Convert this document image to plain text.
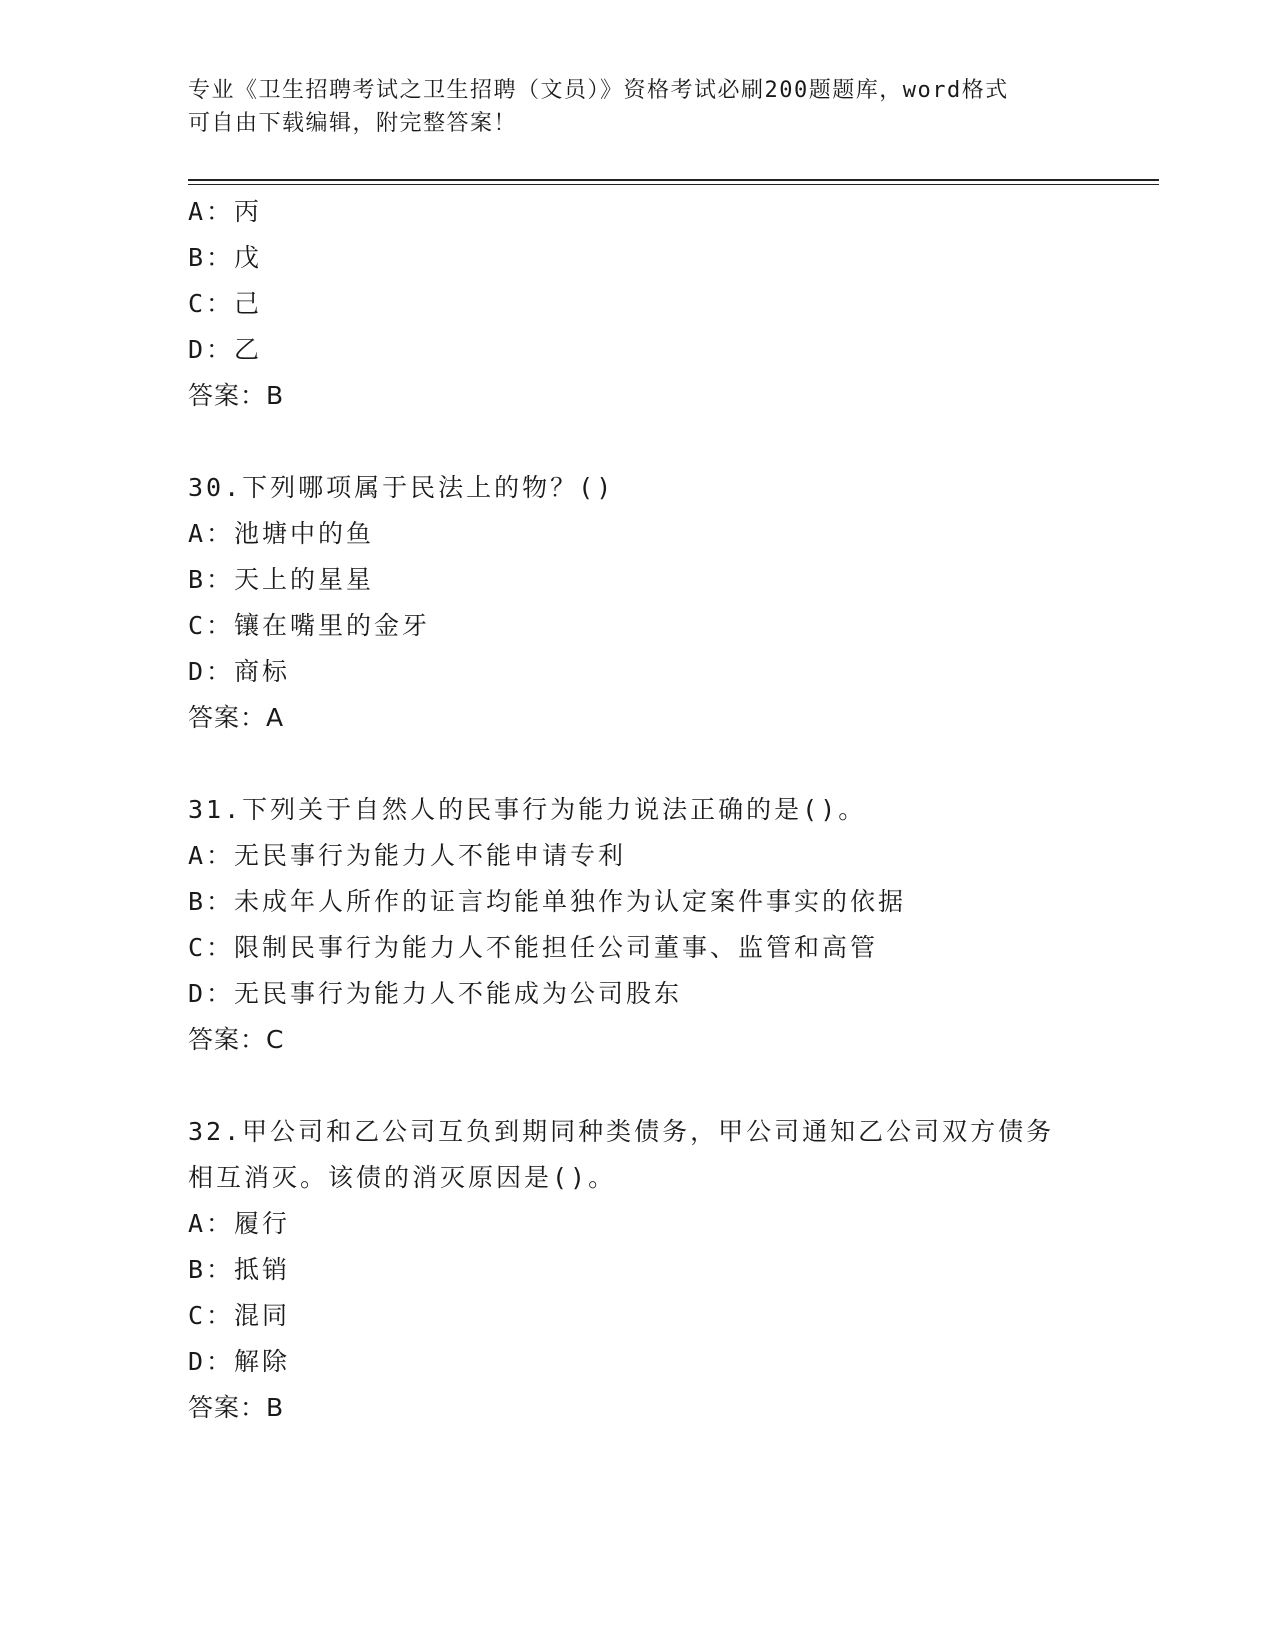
专业《卫生招聘考试之卫生招聘（文员）》资格考试必刷200题题库，word格式
可自由下载编辑，附完整答案！
A：丙
B：戊
C：己
D：乙
答案：B
30.下列哪项属于民法上的物？()
A：池塘中的鱼
B：天上的星星
C：镶在嘴里的金牙
D：商标
答案：A
31.下列关于自然人的民事行为能力说法正确的是()。
A：无民事行为能力人不能申请专利
B：未成年人所作的证言均能单独作为认定案件事实的依据
C：限制民事行为能力人不能担任公司董事、监管和高管
D：无民事行为能力人不能成为公司股东
答案：C
32.甲公司和乙公司互负到期同种类债务，甲公司通知乙公司双方债务
相互消灭。该债的消灭原因是()。
A：履行
B：抵销
C：混同
D：解除
答案：B
